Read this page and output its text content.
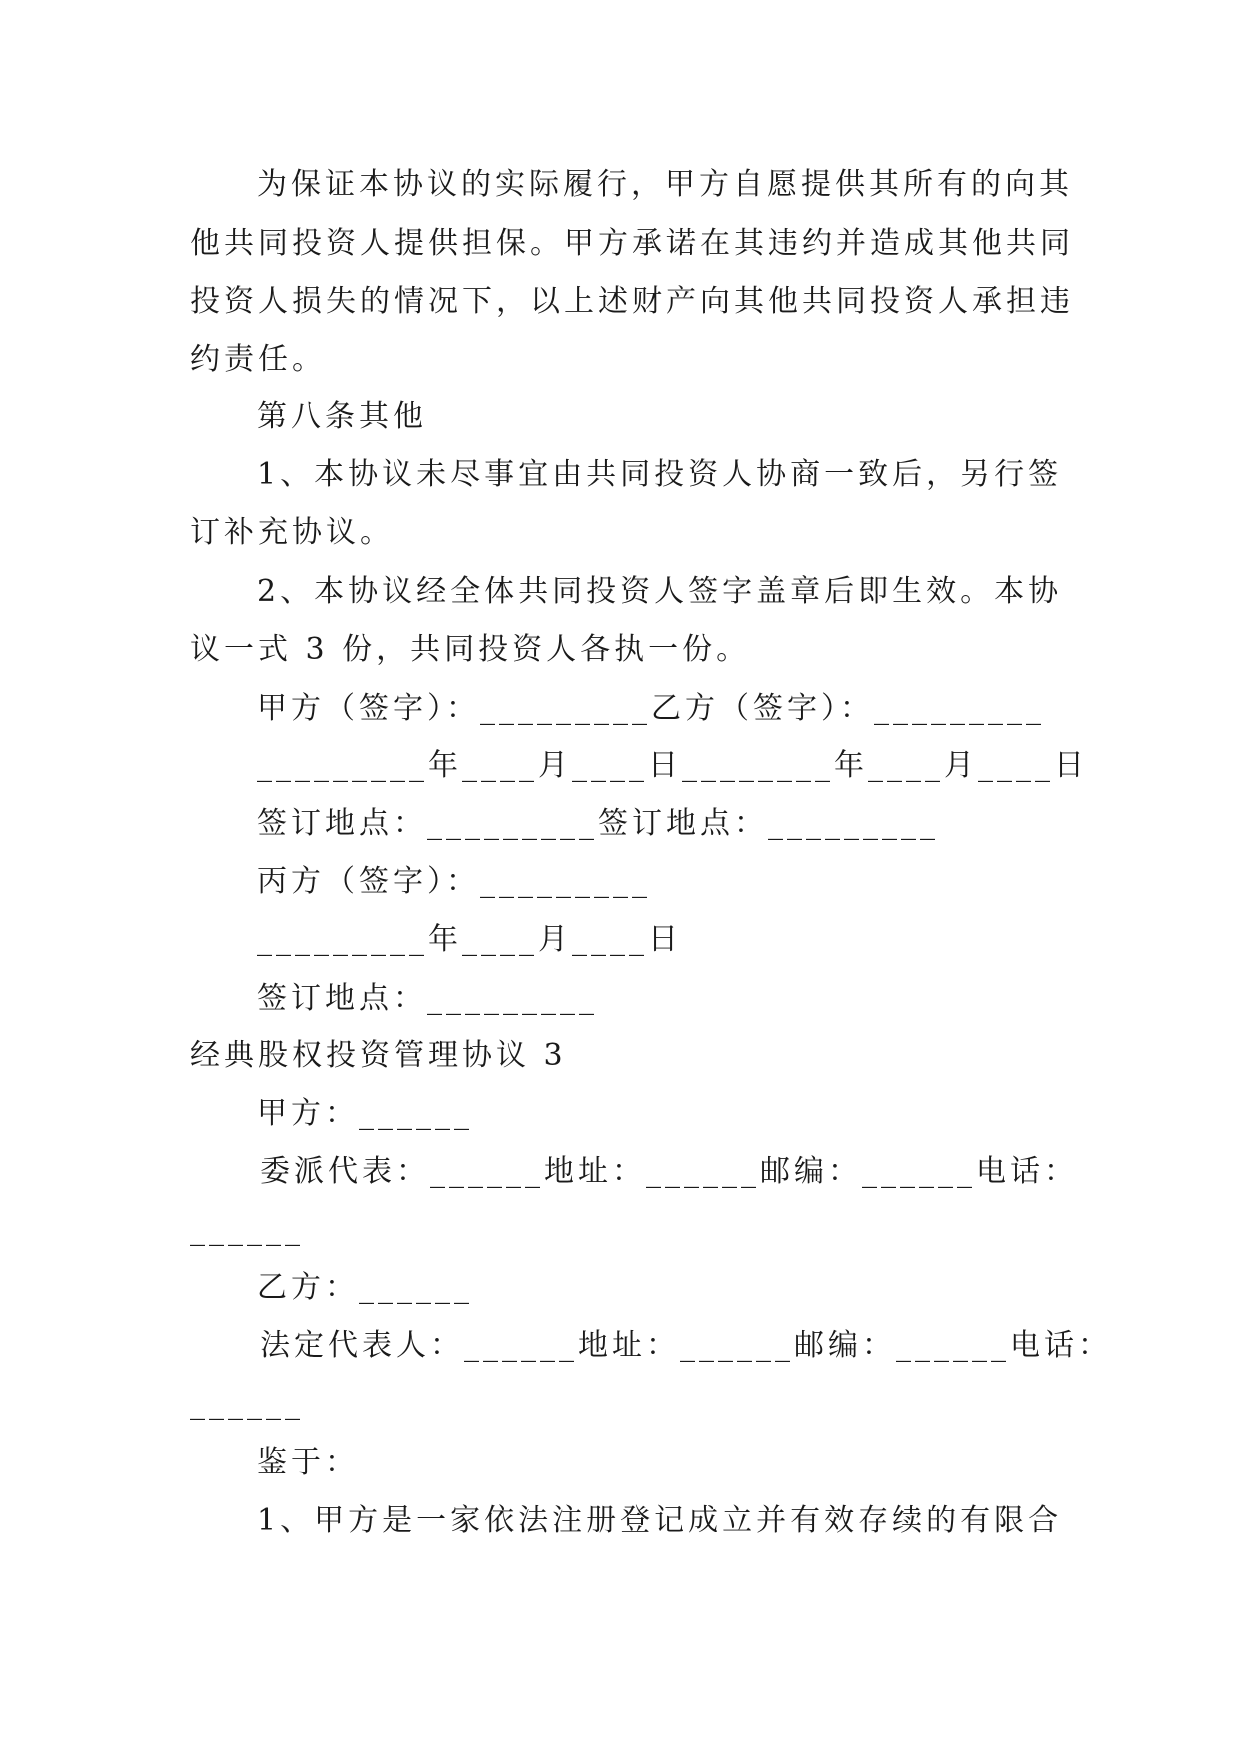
为保证本协议的实际履行，甲方自愿提供其所有的向其
他共同投资人提供担保。甲方承诺在其违约并造成其他共同
投资人损失的情况下，以上述财产向其他共同投资人承担违
约责任。
第八条其他
1、本协议未尽事宜由共同投资人协商一致后，另行签
订补充协议。
2、本协议经全体共同投资人签字盖章后即生效。本协
议一式 3 份，共同投资人各执一份。
甲方（签字）：_________乙方（签字）：_________
_________年____月____日________年____月____日
签订地点：_________签订地点：_________
丙方（签字）：_________
_________年____月____日
签订地点：_________
经典股权投资管理协议 3
甲方：______
委派代表：______地址：______邮编：______电话：
______
乙方：______
法定代表人：______地址：______邮编：______电话：
______
鉴于：
1、甲方是一家依法注册登记成立并有效存续的有限合
